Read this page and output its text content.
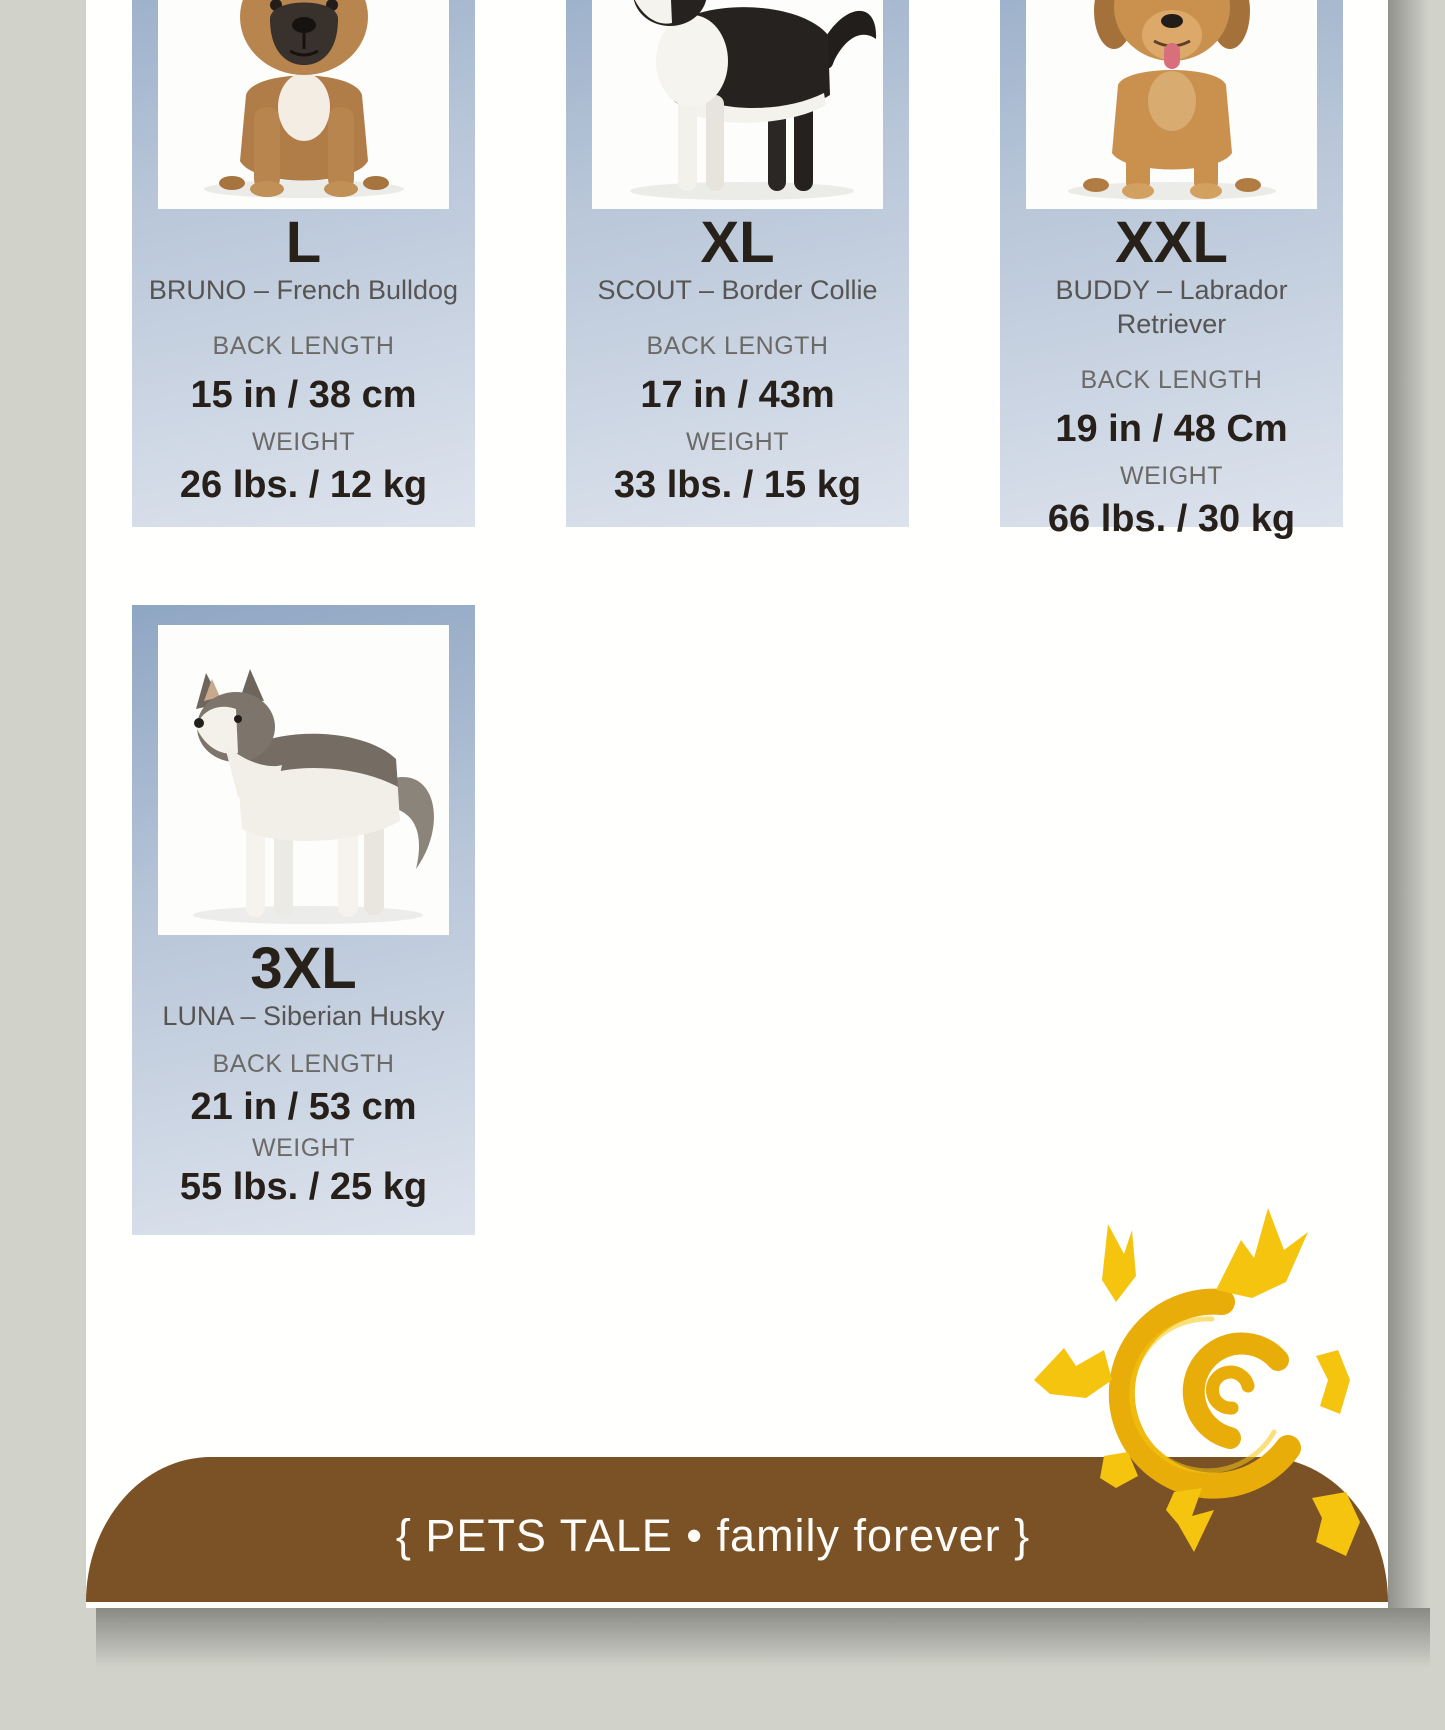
L
BRUNO – French Bulldog
BACK LENGTH
15 in / 38 cm
WEIGHT
26 lbs. / 12 kg
XL
SCOUT – Border Collie
BACK LENGTH
17 in / 43m
WEIGHT
33 lbs. / 15 kg
XXL
BUDDY – Labrador Retriever
BACK LENGTH
19 in / 48 Cm
WEIGHT
66 lbs. / 30 kg
3XL
LUNA – Siberian Husky
BACK LENGTH
21 in / 53 cm
WEIGHT
55 lbs. / 25 kg
{ PETS TALE • family forever }
